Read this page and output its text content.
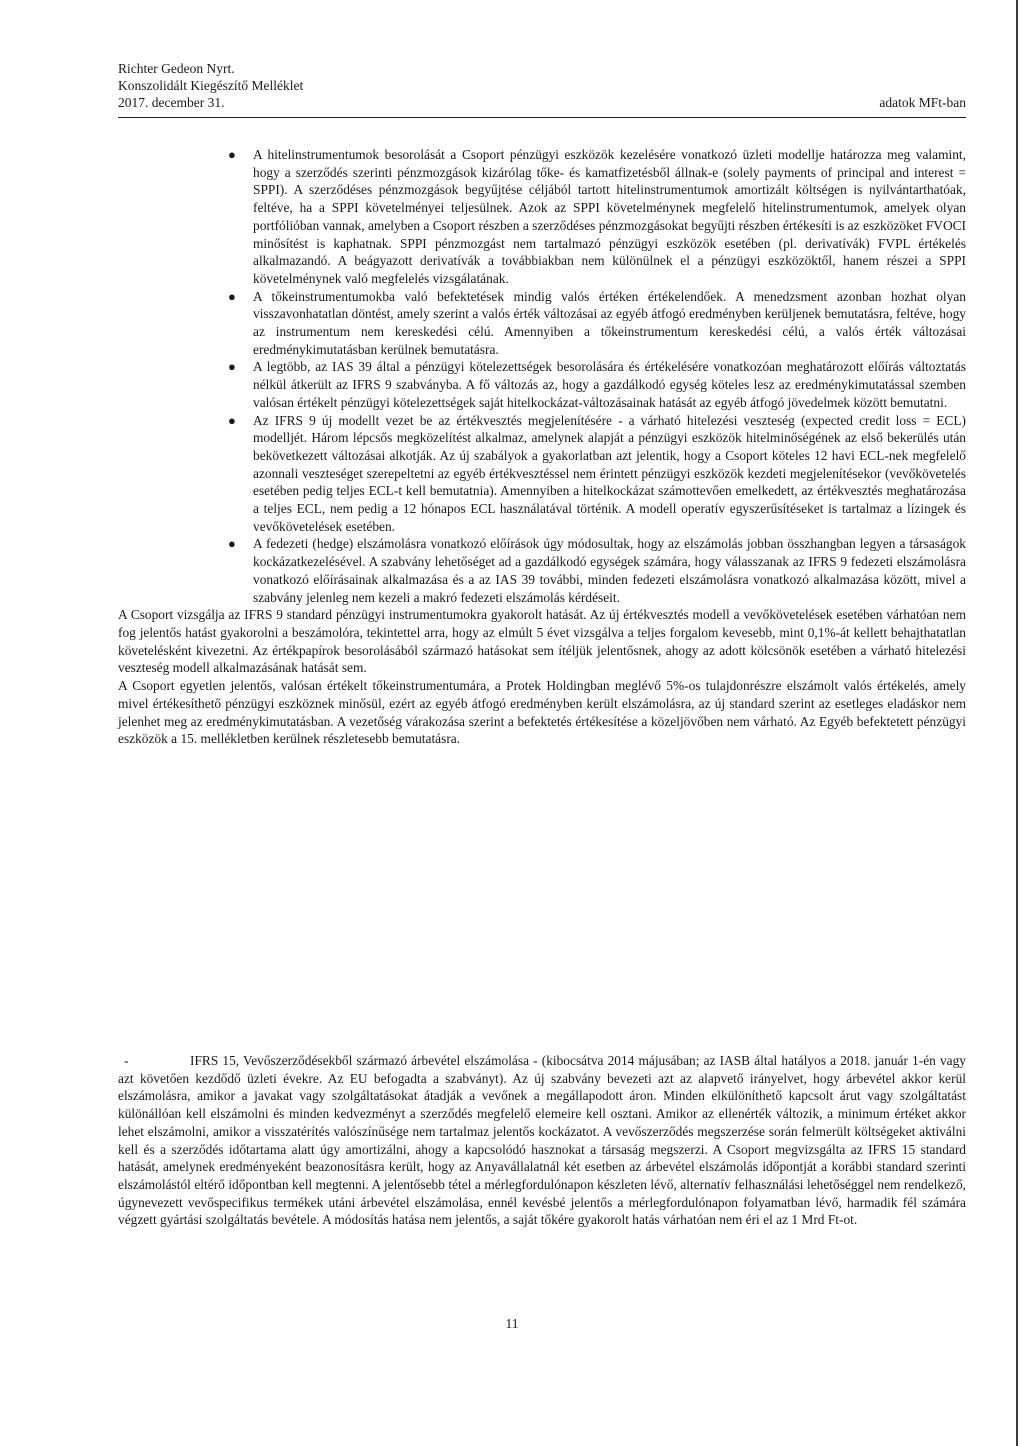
Richter Gedeon Nyrt.
Konszolidált Kiegészítő Melléklet
2017. december 31.	adatok MFt-ban
● A hitelinstrumentumok besorolását a Csoport pénzügyi eszközök kezelésére vonatkozó üzleti modellje határozza meg valamint, hogy a szerződés szerinti pénzmozgások kizárólag tőke- és kamatfizetésből állnak-e (solely payments of principal and interest = SPPI). A szerződéses pénzmozgások begyűjtése céljából tartott hitelinstrumentumok amortizált költségen is nyilvántarthatóak, feltéve, ha a SPPI követelményei teljesülnek. Azok az SPPI követelménynek megfelelő hitelinstrumentumok, amelyek olyan portfólióban vannak, amelyben a Csoport részben a szerződéses pénzmozgásokat begyűjti részben értékesíti is az eszközöket FVOCI minősítést is kaphatnak. SPPI pénzmozgást nem tartalmazó pénzügyi eszközök esetében (pl. derivatívák) FVPL értékelés alkalmazandó. A beágyazott derivatívák a továbbiakban nem különülnek el a pénzügyi eszközöktől, hanem részei a SPPI követelménynek való megfelelés vizsgálatának.
● A tőkeinstrumentumokba való befektetések mindig valós értéken értékelendőek. A menedzsment azonban hozhat olyan visszavonhatatlan döntést, amely szerint a valós érték változásai az egyéb átfogó eredményben kerüljenek bemutatásra, feltéve, hogy az instrumentum nem kereskedési célú. Amennyiben a tőkeinstrumentum kereskedési célú, a valós érték változásai eredménykimutatásban kerülnek bemutatásra.
● A legtöbb, az IAS 39 által a pénzügyi kötelezettségek besorolására és értékelésére vonatkozóan meghatározott előírás változtatás nélkül átkerült az IFRS 9 szabványba. A fő változás az, hogy a gazdálkodó egység köteles lesz az eredménykimutatással szemben valósan értékelt pénzügyi kötelezettségek saját hitelkockázat-változásainak hatását az egyéb átfogó jövedelmek között bemutatni.
● Az IFRS 9 új modellt vezet be az értékvesztés megjelenítésére - a várható hitelezési veszteség (expected credit loss = ECL) modelljét. Három lépcsős megközelítést alkalmaz, amelynek alapját a pénzügyi eszközök hitelminőségének az első bekerülés után bekövetkezett változásai alkotják. Az új szabályok a gyakorlatban azt jelentik, hogy a Csoport köteles 12 havi ECL-nek megfelelő azonnali veszteséget szerepeltetni az egyéb értékvesztéssel nem érintett pénzügyi eszközök kezdeti megjelenítésekor (vevőkövetelés esetében pedig teljes ECL-t kell bemutatnia). Amennyiben a hitelkockázat számottevően emelkedett, az értékvesztés meghatározása a teljes ECL, nem pedig a 12 hónapos ECL használatával történik. A modell operatív egyszerűsítéseket is tartalmaz a lízingek és vevőkövetelések esetében.
● A fedezeti (hedge) elszámolásra vonatkozó előírások úgy módosultak, hogy az elszámolás jobban összhangban legyen a társaságok kockázatkezelésével. A szabvány lehetőséget ad a gazdálkodó egységek számára, hogy válasszanak az IFRS 9 fedezeti elszámolásra vonatkozó előírásainak alkalmazása és a az IAS 39 további, minden fedezeti elszámolásra vonatkozó alkalmazása között, mivel a szabvány jelenleg nem kezeli a makró fedezeti elszámolás kérdéseit.

A Csoport vizsgálja az IFRS 9 standard pénzügyi instrumentumokra gyakorolt hatását. Az új értékvesztés modell a vevőkövetelések esetében várhatóan nem fog jelentős hatást gyakorolni a beszámolóra, tekintettel arra, hogy az elmúlt 5 évet vizsgálva a teljes forgalom kevesebb, mint 0,1%-át kellett behajthatatlan követelésként kivezetni. Az értékpapírok besorolásából származó hatásokat sem ítéljük jelentősnek, ahogy az adott kölcsönök esetében a várható hitelezési veszteség modell alkalmazásának hatását sem.

A Csoport egyetlen jelentős, valósan értékelt tőkeinstrumentumára, a Protek Holdingban meglévő 5%-os tulajdonrészre elszámolt valós értékelés, amely mivel értékesíthető pénzügyi eszköznek minősül, ezért az egyéb átfogó eredményben került elszámolásra, az új standard szerint az esetleges eladáskor nem jelenhet meg az eredménykimutatásban. A vezetőség várakozása szerint a befektetés értékesítése a közeljövőben nem várható. Az Egyéb befektetett pénzügyi eszközök a 15. mellékletben kerülnek részletesebb bemutatásra.

-	IFRS 15, Vevőszerződésekből származó árbevétel elszámolása - (kibocsátva 2014 májusában; az IASB által hatályos a 2018. január 1-én vagy azt követően kezdődő üzleti évekre. Az EU befogadta a szabványt). Az új szabvány bevezeti azt az alapvető irányelvet, hogy árbevétel akkor kerül elszámolásra, amikor a javakat vagy szolgáltatásokat átadják a vevőnek a megállapodott áron. Minden elkülöníthető kapcsolt árut vagy szolgáltatást különállóan kell elszámolni és minden kedvezményt a szerződés megfelelő elemeire kell osztani. Amikor az ellenérték változik, a minimum értéket akkor lehet elszámolni, amikor a visszatérítés valószínűsége nem tartalmaz jelentős kockázatot. A vevőszerződés megszerzése során felmerült költségeket aktiválni kell és a szerződés időtartama alatt úgy amortizálni, ahogy a kapcsolódó hasznokat a társaság megszerzi. A Csoport megvizsgálta az IFRS 15 standard hatását, amelynek eredményeként beazonosításra került, hogy az Anyavállalatnál két esetben az árbevétel elszámolás időpontját a korábbi standard szerinti elszámolástól eltérő időpontban kell megtenni. A jelentősebb tétel a mérlegfordulónapon készleten lévő, alternatív felhasználási lehetőséggel nem rendelkező, úgynevezett vevőspecifikus termékek utáni árbevétel elszámolása, ennél kevésbé jelentős a mérlegfordulónapon folyamatban lévő, harmadik fél számára végzett gyártási szolgáltatás bevétele. A módosítás hatása nem jelentős, a saját tőkére gyakorolt hatás várhatóan nem éri el az 1 Mrd Ft-ot.
11
